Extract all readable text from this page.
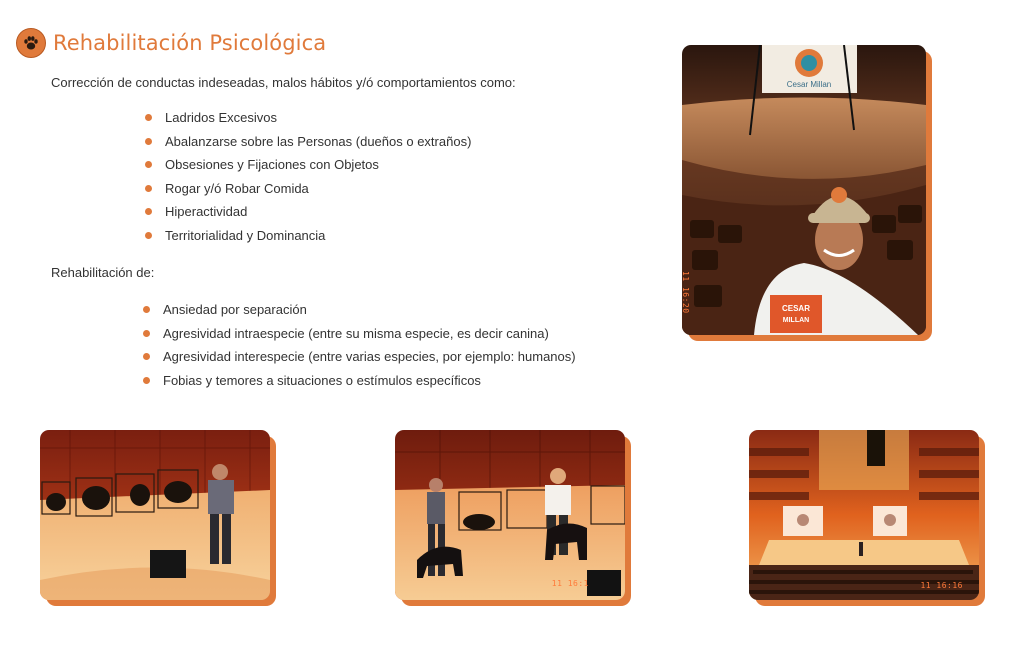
Rehabilitación Psicológica
Corrección de conductas indeseadas, malos hábitos y/ó comportamientos como:
Ladridos Excesivos
Abalanzarse sobre las Personas (dueños o extraños)
Obsesiones y Fijaciones con Objetos
Rogar y/ó Robar Comida
Hiperactividad
Territorialidad y Dominancia
Rehabilitación de:
Ansiedad por separación
Agresividad intraespecie (entre su misma especie, es decir canina)
Agresividad interespecie (entre varias especies, por ejemplo: humanos)
Fobias y temores a situaciones o estímulos específicos
Cesar Millan
CESAR
MILLAN
11 16:20
11 16:1	11 16:16
